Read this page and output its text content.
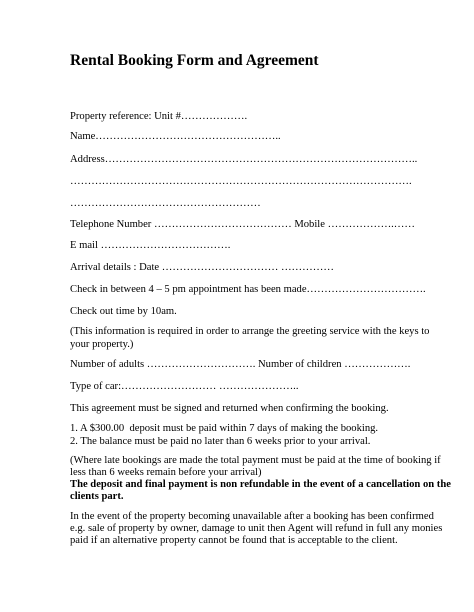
Rental Booking Form and Agreement
Property reference: Unit #……………….
Name……………………………………………..
Address……………………………………………………………………………..
…………………………………………………………………………………….
………………………………………………
Telephone Number ………………………………… Mobile ……………….……
E mail ……………………………….
Arrival details : Date …………………………… ……………
Check in between 4 – 5 pm appointment has been made…………………………….
Check out time by 10am.
(This information is required in order to arrange the greeting service with the keys to
your property.)
Number of adults …………………………. Number of children ……………….
Type of car:……………………… …………………..
This agreement must be signed and returned when confirming the booking.
1. A $300.00  deposit must be paid within 7 days of making the booking.
2. The balance must be paid no later than 6 weeks prior to your arrival.
(Where late bookings are made the total payment must be paid at the time of booking if
less than 6 weeks remain before your arrival)
The deposit and final payment is non refundable in the event of a cancellation on the
clients part.
In the event of the property becoming unavailable after a booking has been confirmed
e.g. sale of property by owner, damage to unit then Agent will refund in full any monies
paid if an alternative property cannot be found that is acceptable to the client.
